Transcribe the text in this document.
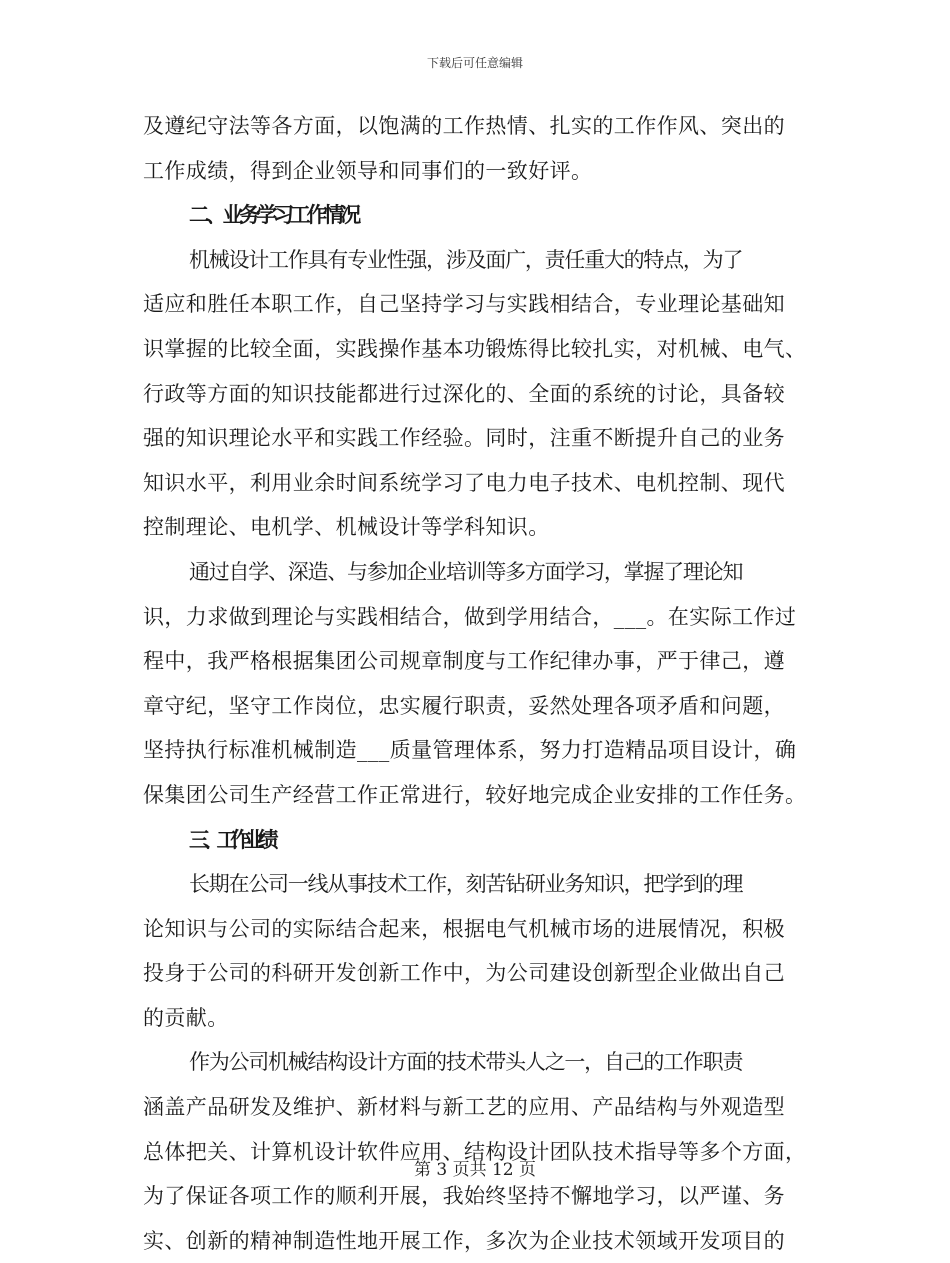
下载后可任意编辑
及遵纪守法等各方面，以饱满的工作热情、扎实的工作作风、突出的
工作成绩，得到企业领导和同事们的一致好评。
二、业务学习工作情况
机械设计工作具有专业性强，涉及面广，责任重大的特点，为了
适应和胜任本职工作，自己坚持学习与实践相结合，专业理论基础知
识掌握的比较全面，实践操作基本功锻炼得比较扎实，对机械、电气、
行政等方面的知识技能都进行过深化的、全面的系统的讨论，具备较
强的知识理论水平和实践工作经验。同时，注重不断提升自己的业务
知识水平，利用业余时间系统学习了电力电子技术、电机控制、现代
控制理论、电机学、机械设计等学科知识。
通过自学、深造、与参加企业培训等多方面学习，掌握了理论知
识，力求做到理论与实践相结合，做到学用结合，___。在实际工作过
程中，我严格根据集团公司规章制度与工作纪律办事，严于律己，遵
章守纪，坚守工作岗位，忠实履行职责，妥然处理各项矛盾和问题，
坚持执行标准机械制造___质量管理体系，努力打造精品项目设计，确
保集团公司生产经营工作正常进行，较好地完成企业安排的工作任务。
三、工作业绩
长期在公司一线从事技术工作，刻苦钻研业务知识，把学到的理
论知识与公司的实际结合起来，根据电气机械市场的进展情况，积极
投身于公司的科研开发创新工作中，为公司建设创新型企业做出自己
的贡献。
作为公司机械结构设计方面的技术带头人之一，自己的工作职责
涵盖产品研发及维护、新材料与新工艺的应用、产品结构与外观造型
总体把关、计算机设计软件应用、结构设计团队技术指导等多个方面，
为了保证各项工作的顺利开展，我始终坚持不懈地学习，以严谨、务
实、创新的精神制造性地开展工作，多次为企业技术领域开发项目的
第 3 页共 12 页
